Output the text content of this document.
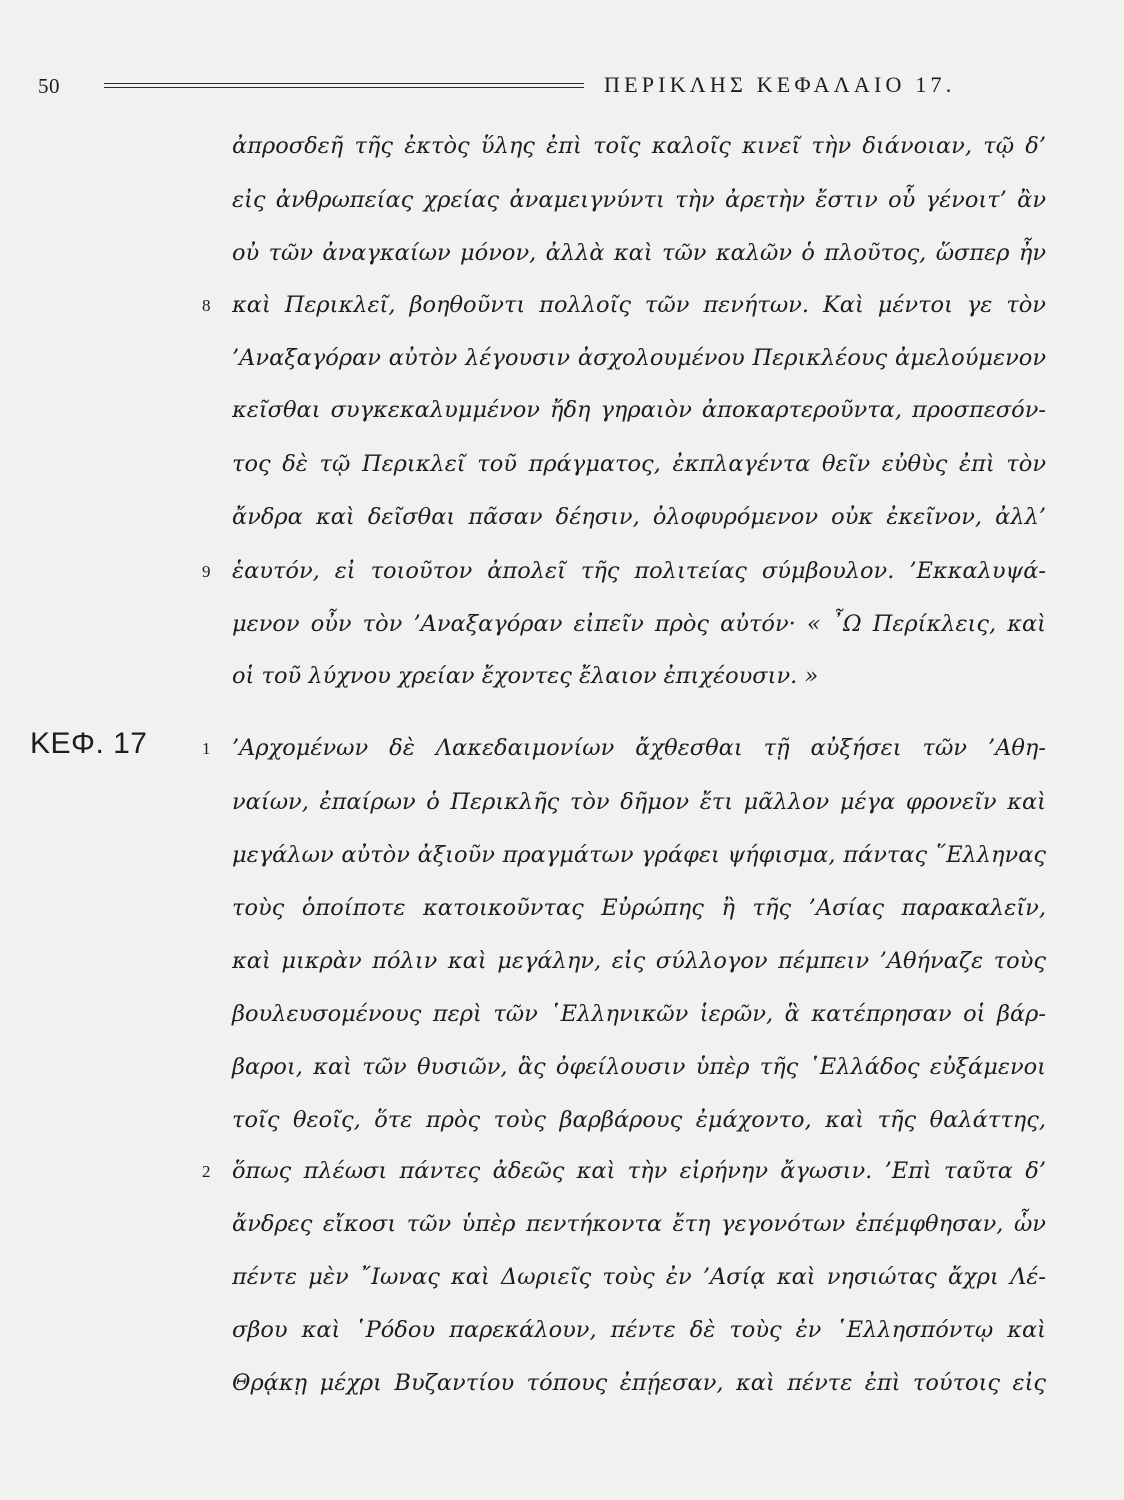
50	ΠΕΡΙΚΛΗΣ ΚΕΦΑΛΑΙΟ 17.
ΚΕΦ. 17
8
9
1
2
ἀπροσδεῆ τῆς ἐκτὸς ὕλης ἐπὶ τοῖς καλοῖς κινεῖ τὴν διάνοιαν, τῷ δ’
εἰς ἀνθρωπείας χρείας ἀναμειγνύντι τὴν ἀρετὴν ἔστιν οὗ γένοιτ’ ἂν
οὐ τῶν ἀναγκαίων μόνον, ἀλλὰ καὶ τῶν καλῶν ὁ πλοῦτος, ὥσπερ ἦν
καὶ Περικλεῖ, βοηθοῦντι πολλοῖς τῶν πενήτων. Καὶ μέντοι γε τὸν
’Αναξαγόραν αὐτὸν λέγουσιν ἀσχολουμένου Περικλέους ἀμελούμενον
κεῖσθαι συγκεκαλυμμένον ἤδη γηραιὸν ἀποκαρτεροῦντα, προσπεσόν-
τος δὲ τῷ Περικλεῖ τοῦ πράγματος, ἐκπλαγέντα θεῖν εὐθὺς ἐπὶ τὸν
ἄνδρα καὶ δεῖσθαι πᾶσαν δέησιν, ὀλοφυρόμενον οὐκ ἐκεῖνον, ἀλλ’
ἑαυτόν, εἰ τοιοῦτον ἀπολεῖ τῆς πολιτείας σύμβουλον. ’Εκκαλυψά-
μενον οὖν τὸν ’Αναξαγόραν εἰπεῖν πρὸς αὐτόν· « ῏Ω Περίκλεις, καὶ
οἱ τοῦ λύχνου χρείαν ἔχοντες ἔλαιον ἐπιχέουσιν. »
’Αρχομένων δὲ Λακεδαιμονίων ἄχθεσθαι τῇ αὐξήσει τῶν ’Αθη-
ναίων, ἐπαίρων ὁ Περικλῆς τὸν δῆμον ἔτι μᾶλλον μέγα φρονεῖν καὶ
μεγάλων αὐτὸν ἀξιοῦν πραγμάτων γράφει ψήφισμα, πάντας ῞Ελληνας
τοὺς ὁποίποτε κατοικοῦντας Εὐρώπης ἢ τῆς ’Ασίας παρακαλεῖν,
καὶ μικρὰν πόλιν καὶ μεγάλην, εἰς σύλλογον πέμπειν ’Αθήναζε τοὺς
βουλευσομένους περὶ τῶν ῾Ελληνικῶν ἱερῶν, ἃ κατέπρησαν οἱ βάρ-
βαροι, καὶ τῶν θυσιῶν, ἃς ὀφείλουσιν ὑπὲρ τῆς ῾Ελλάδος εὐξάμενοι
τοῖς θεοῖς, ὅτε πρὸς τοὺς βαρβάρους ἐμάχοντο, καὶ τῆς θαλάττης,
ὅπως πλέωσι πάντες ἀδεῶς καὶ τὴν εἰρήνην ἄγωσιν. ’Επὶ ταῦτα δ’
ἄνδρες εἴκοσι τῶν ὑπὲρ πεντήκοντα ἔτη γεγονότων ἐπέμφθησαν, ὧν
πέντε μὲν ῎Ιωνας καὶ Δωριεῖς τοὺς ἐν ’Ασίᾳ καὶ νησιώτας ἄχρι Λέ-
σβου καὶ ῾Ρόδου παρεκάλουν, πέντε δὲ τοὺς ἐν ῾Ελλησπόντῳ καὶ
Θρᾴκῃ μέχρι Βυζαντίου τόπους ἐπῄεσαν, καὶ πέντε ἐπὶ τούτοις εἰς
